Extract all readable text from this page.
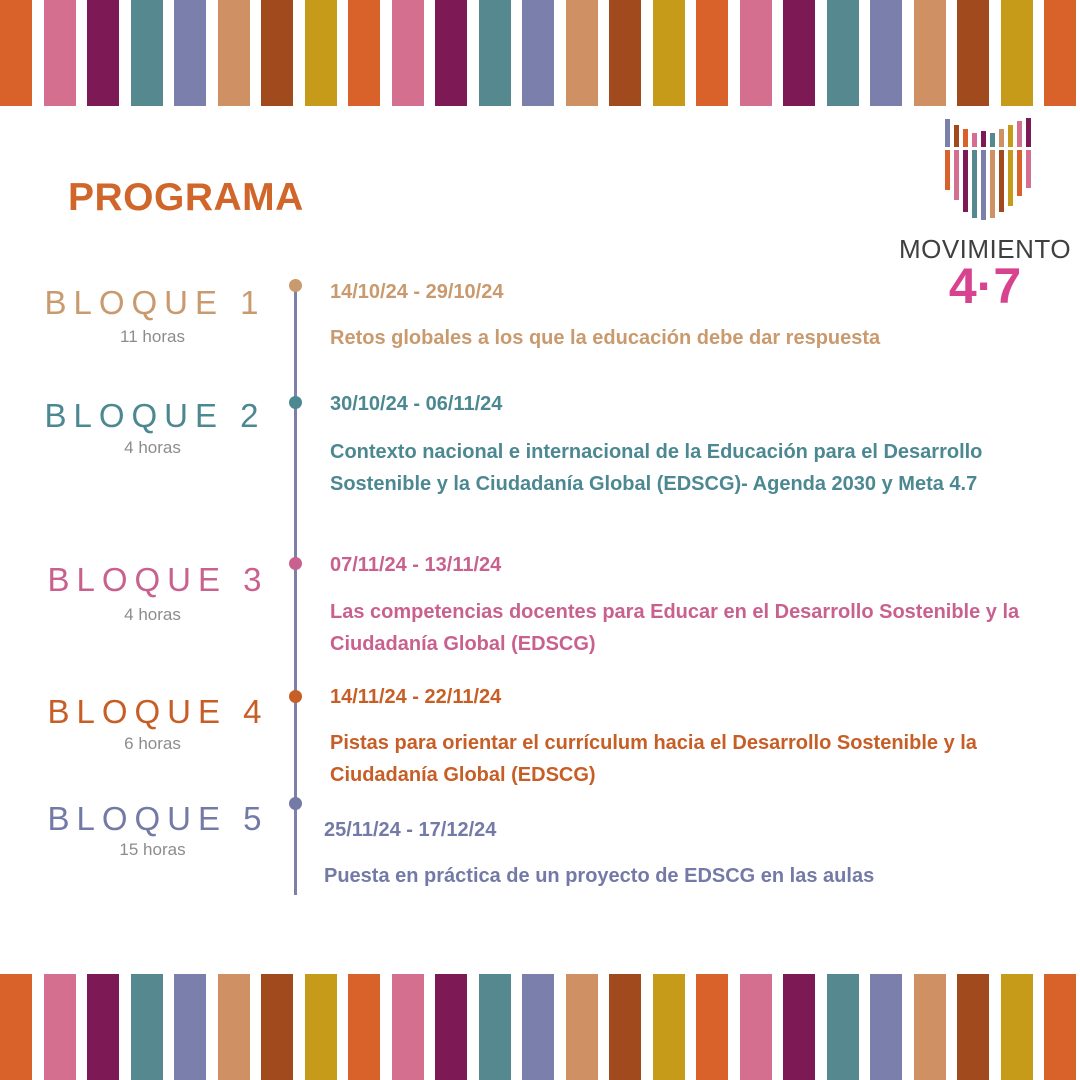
PROGRAMA
MOVIMIENTO
4·7
BLOQUE 1
11 horas
14/10/24 - 29/10/24
Retos globales a los que la educación debe dar respuesta
BLOQUE 2
4 horas
30/10/24 - 06/11/24
Contexto nacional e internacional de la Educación para el Desarrollo Sostenible y la Ciudadanía Global (EDSCG)- Agenda 2030 y Meta 4.7
BLOQUE 3
4 horas
07/11/24 - 13/11/24
Las competencias docentes para Educar en el Desarrollo Sostenible y la Ciudadanía Global (EDSCG)
BLOQUE 4
6 horas
14/11/24 - 22/11/24
Pistas para orientar el currículum hacia el Desarrollo Sostenible y la Ciudadanía Global (EDSCG)
BLOQUE 5
15 horas
25/11/24 - 17/12/24
Puesta en práctica de un proyecto de EDSCG en las aulas
